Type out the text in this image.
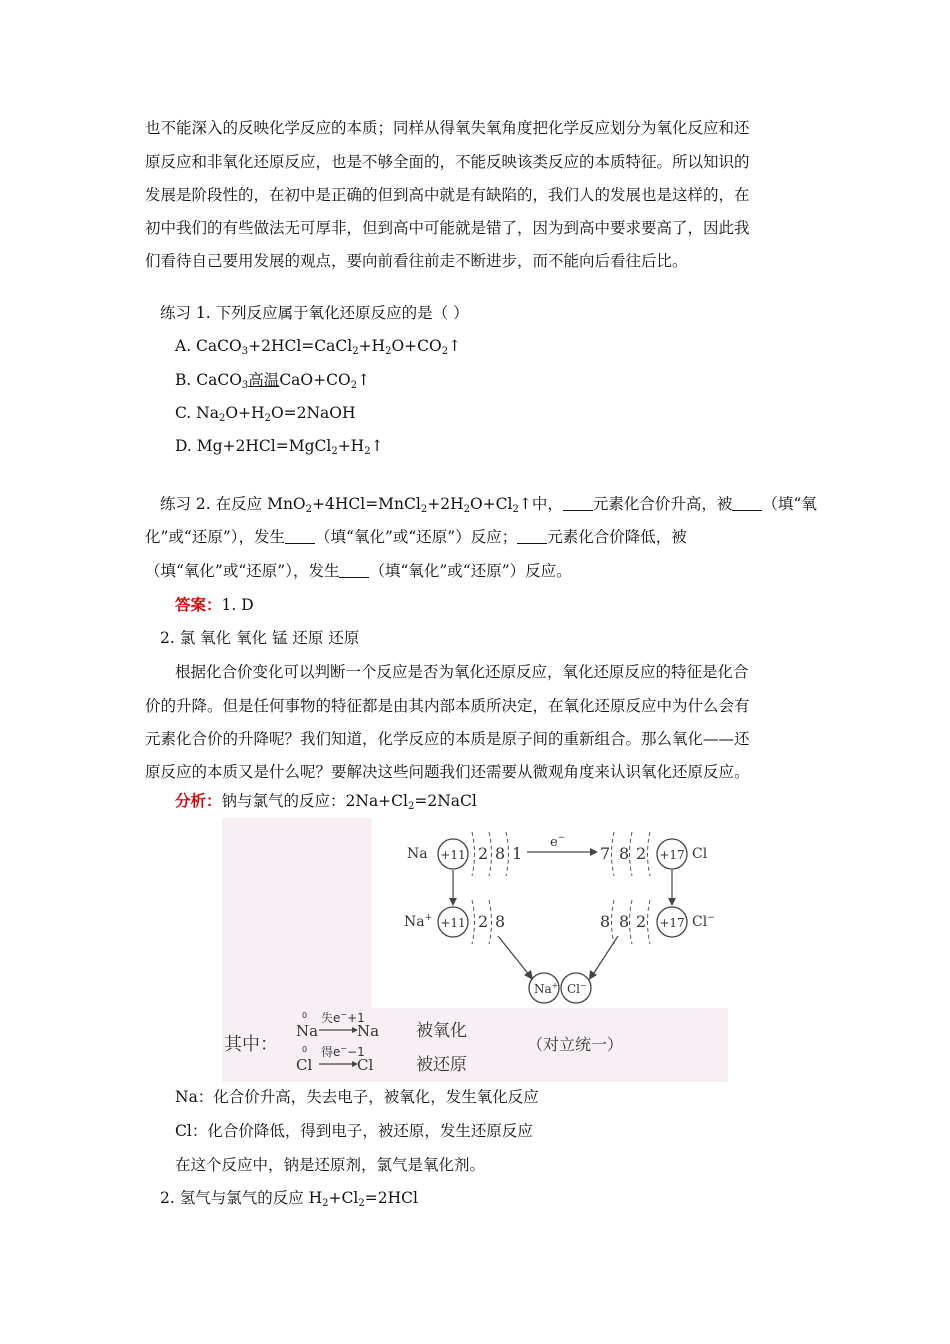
也不能深入的反映化学反应的本质；同样从得氧失氧角度把化学反应划分为氧化反应和还
原反应和非氧化还原反应，也是不够全面的，不能反映该类反应的本质特征。所以知识的
发展是阶段性的，在初中是正确的但到高中就是有缺陷的，我们人的发展也是这样的，在
初中我们的有些做法无可厚非，但到高中可能就是错了，因为到高中要求要高了，因此我
们看待自己要用发展的观点，要向前看往前走不断进步，而不能向后看往后比。
练习 1. 下列反应属于氧化还原反应的是（ ）
A. $CaCO_3+2HCl=CaCl_2+H_2O+CO_2↑$
B. CaCO$_3$高温$CaO+CO_2↑$
C. $Na_2O+H_2O=2NaOH$
D. $Mg+2HCl=MgCl_2+H_2↑$
练习 2. 在反应 $MnO_2+4HCl=MnCl_2+2H_2O+Cl_2↑$中， 元素化合价升高，被 （填“氧
化”或“还原”），发生 （填“氧化”或“还原”）反应； 元素化合价降低，被
（填“氧化”或“还原”），发生 （填“氧化”或“还原”）反应。
答案：1. D
2. 氯 氧化 氧化 锰 还原 还原
根据化合价变化可以判断一个反应是否为氧化还原反应，氧化还原反应的特征是化合
价的升降。但是任何事物的特征都是由其内部本质所决定，在氧化还原反应中为什么会有
元素化合价的升降呢？我们知道，化学反应的本质是原子间的重新组合。那么氧化——还
原反应的本质又是什么呢？要解决这些问题我们还需要从微观角度来认识氧化还原反应。
分析：钠与氯气的反应：$2Na+Cl_2=2NaCl$
Na +11 2 8 1
e−
7 8 2 +17 Cl
Na+ +11 2 8	8 8 2 +17 Cl−
Na+ Cl−
其中：
0
Na
失e−+1
Na 被氧化
0
Cl
得e−−1
Cl	被还原
（对立统一）
Na：化合价升高，失去电子，被氧化，发生氧化反应
Cl：化合价降低，得到电子，被还原，发生还原反应
在这个反应中，钠是还原剂，氯气是氧化剂。
2. 氢气与氯气的反应 $H_2+Cl_2=2HCl$
